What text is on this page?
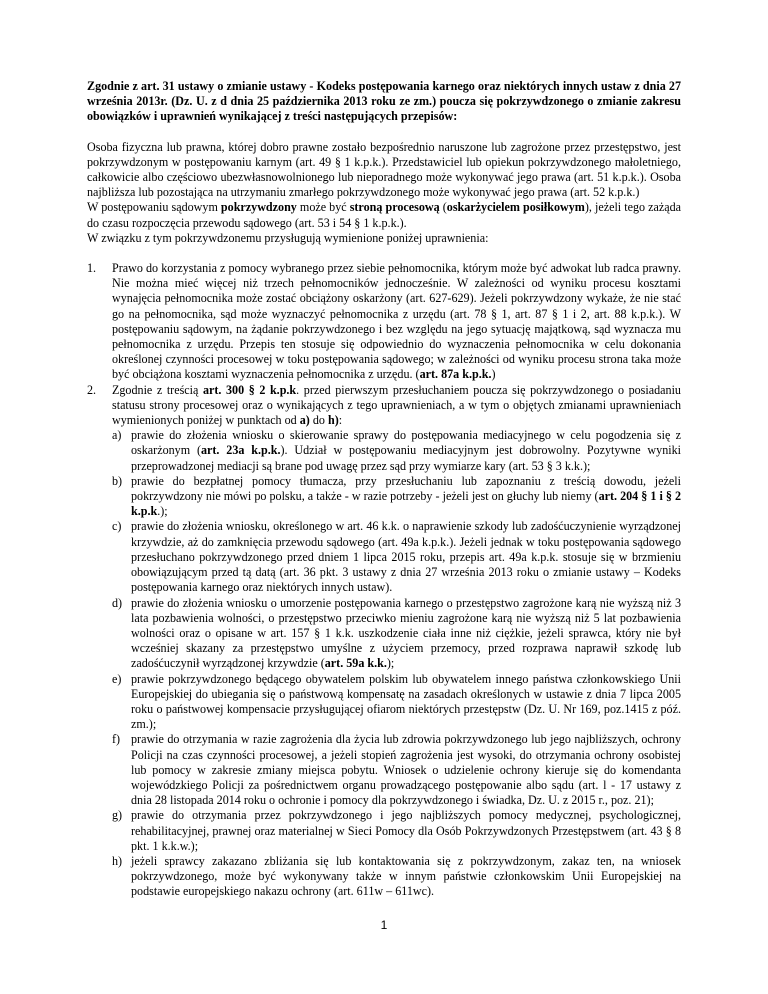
Zgodnie z art. 31 ustawy o zmianie ustawy - Kodeks postępowania karnego oraz niektórych innych ustaw z dnia 27 września 2013r. (Dz. U. z d dnia 25 października 2013 roku ze zm.) poucza się pokrzywdzonego o zmianie zakresu obowiązków i uprawnień wynikającej z treści następujących przepisów:

Osoba fizyczna lub prawna, której dobro prawne zostało bezpośrednio naruszone lub zagrożone przez przestępstwo, jest pokrzywdzonym w postępowaniu karnym (art. 49 § 1 k.p.k.). Przedstawiciel lub opiekun pokrzywdzonego małoletniego, całkowicie albo częściowo ubezwłasnowolnionego lub nieporadnego może wykonywać jego prawa (art. 51 k.p.k.). Osoba najbliższa lub pozostająca na utrzymaniu zmarłego pokrzywdzonego może wykonywać jego prawa (art. 52 k.p.k.)

W postępowaniu sądowym pokrzywdzony może być stroną procesową (oskarżycielem posiłkowym), jeżeli tego zażąda do czasu rozpoczęcia przewodu sądowego (art. 53 i 54 § 1 k.p.k.).

W związku z tym pokrzywdzonemu przysługują wymienione poniżej uprawnienia:

1. Prawo do korzystania z pomocy wybranego przez siebie pełnomocnika, którym może być adwokat lub radca prawny. Nie można mieć więcej niż trzech pełnomocników jednocześnie. W zależności od wyniku procesu kosztami wynajęcia pełnomocnika może zostać obciążony oskarżony (art. 627-629). Jeżeli pokrzywdzony wykaże, że nie stać go na pełnomocnika, sąd może wyznaczyć pełnomocnika z urzędu (art. 78 § 1, art. 87 § 1 i 2, art. 88 k.p.k.). W postępowaniu sądowym, na żądanie pokrzywdzonego i bez względu na jego sytuację majątkową, sąd wyznacza mu pełnomocnika z urzędu. Przepis ten stosuje się odpowiednio do wyznaczenia pełnomocnika w celu dokonania określonej czynności procesowej w toku postępowania sądowego; w zależności od wyniku procesu strona taka może być obciążona kosztami wyznaczenia pełnomocnika z urzędu. (art. 87a k.p.k.)
2. Zgodnie z treścią art. 300 § 2 k.p.k. przed pierwszym przesłuchaniem poucza się pokrzywdzonego o posiadaniu statusu strony procesowej oraz o wynikających z tego uprawnieniach, a w tym o objętych zmianami uprawnieniach wymienionych poniżej w punktach od a) do h):
a) prawie do złożenia wniosku o skierowanie sprawy do postępowania mediacyjnego w celu pogodzenia się z oskarżonym (art. 23a k.p.k.). Udział w postępowaniu mediacyjnym jest dobrowolny. Pozytywne wyniki przeprowadzonej mediacji są brane pod uwagę przez sąd przy wymiarze kary (art. 53 § 3 k.k.);
b) prawie do bezpłatnej pomocy tłumacza, przy przesłuchaniu lub zapoznaniu z treścią dowodu, jeżeli pokrzywdzony nie mówi po polsku, a także - w razie potrzeby - jeżeli jest on głuchy lub niemy (art. 204 § 1 i § 2 k.p.k.);
c) prawie do złożenia wniosku, określonego w art. 46 k.k. o naprawienie szkody lub zadośćuczynienie wyrządzonej krzywdzie, aż do zamknięcia przewodu sądowego (art. 49a k.p.k.). Jeżeli jednak w toku postępowania sądowego przesłuchano pokrzywdzonego przed dniem 1 lipca 2015 roku, przepis art. 49a k.p.k. stosuje się w brzmieniu obowiązującym przed tą datą (art. 36 pkt. 3 ustawy z dnia 27 września 2013 roku o zmianie ustawy – Kodeks postępowania karnego oraz niektórych innych ustaw).
d) prawie do złożenia wniosku o umorzenie postępowania karnego o przestępstwo zagrożone karą nie wyższą niż 3 lata pozbawienia wolności, o przestępstwo przeciwko mieniu zagrożone karą nie wyższą niż 5 lat pozbawienia wolności oraz o opisane w art. 157 § 1 k.k. uszkodzenie ciała inne niż ciężkie, jeżeli sprawca, który nie był wcześniej skazany za przestępstwo umyślne z użyciem przemocy, przed rozprawa naprawił szkodę lub zadośćuczynił wyrządzonej krzywdzie (art. 59a k.k.);
e) prawie pokrzywdzonego będącego obywatelem polskim lub obywatelem innego państwa członkowskiego Unii Europejskiej do ubiegania się o państwową kompensatę na zasadach określonych w ustawie z dnia 7 lipca 2005 roku o państwowej kompensacie przysługującej ofiarom niektórych przestępstw (Dz. U. Nr 169, poz.1415 z póź. zm.);
f) prawie do otrzymania w razie zagrożenia dla życia lub zdrowia pokrzywdzonego lub jego najbliższych, ochrony Policji na czas czynności procesowej, a jeżeli stopień zagrożenia jest wysoki, do otrzymania ochrony osobistej lub pomocy w zakresie zmiany miejsca pobytu. Wniosek o udzielenie ochrony kieruje się do komendanta wojewódzkiego Policji za pośrednictwem organu prowadzącego postępowanie albo sądu (art. l - 17 ustawy z dnia 28 listopada 2014 roku o ochronie i pomocy dla pokrzywdzonego i świadka, Dz. U. z 2015 r., poz. 21);
g) prawie do otrzymania przez pokrzywdzonego i jego najbliższych pomocy medycznej, psychologicznej, rehabilitacyjnej, prawnej oraz materialnej w Sieci Pomocy dla Osób Pokrzywdzonych Przestępstwem (art. 43 § 8 pkt. 1 k.k.w.);
h) jeżeli sprawcy zakazano zbliżania się lub kontaktowania się z pokrzywdzonym, zakaz ten, na wniosek pokrzywdzonego, może być wykonywany także w innym państwie członkowskim Unii Europejskiej na podstawie europejskiego nakazu ochrony (art. 611w – 611wc).
1
